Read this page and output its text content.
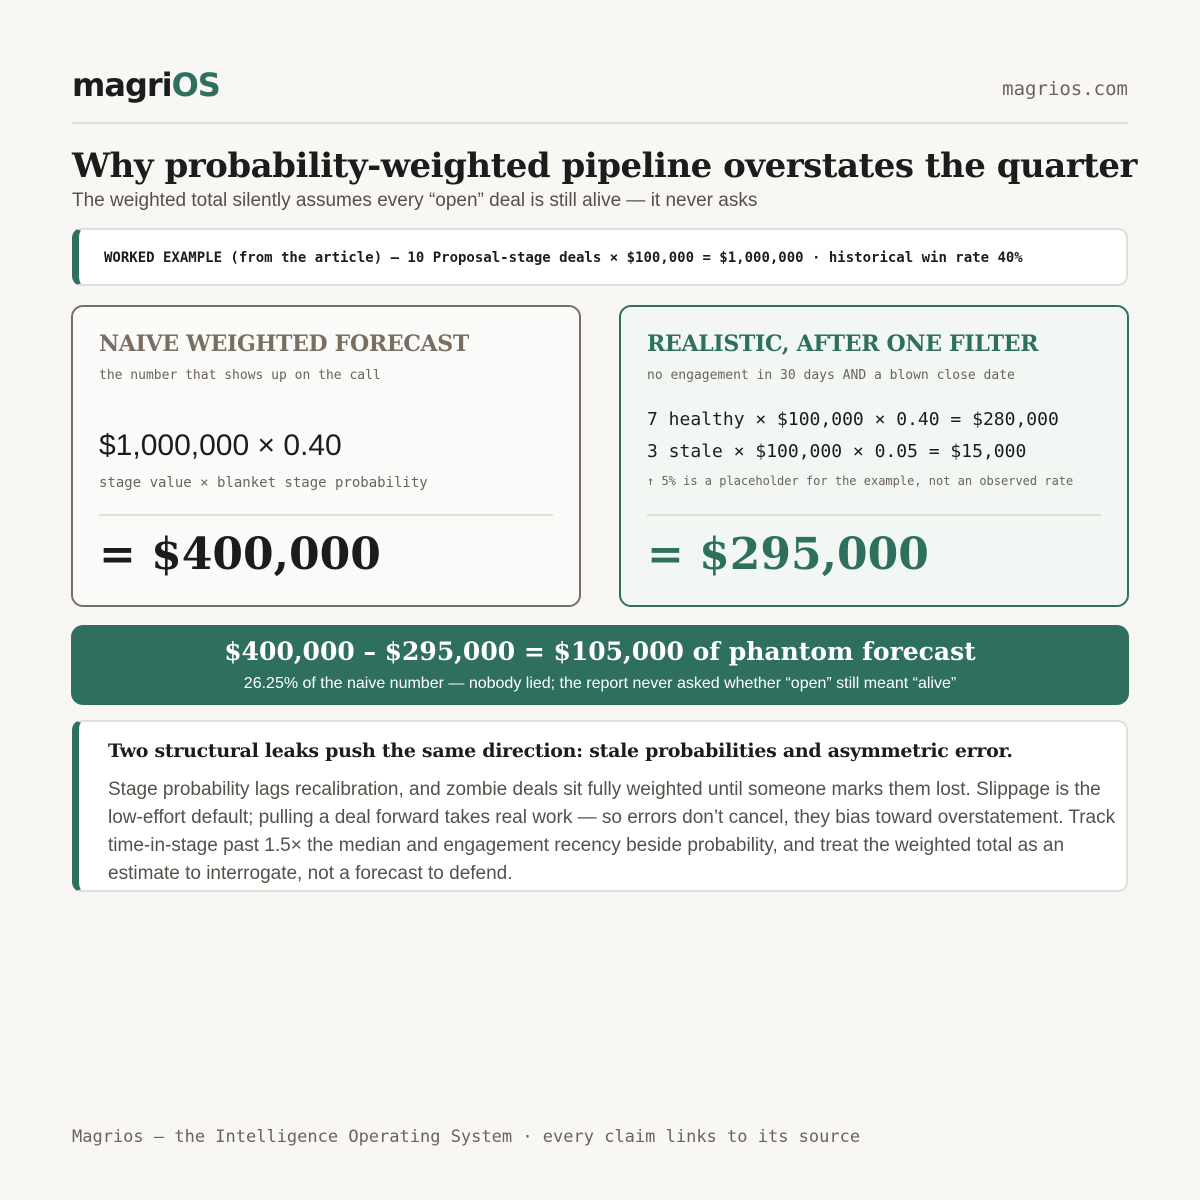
magriOS	magrios.com
Why probability-weighted pipeline overstates the quarter

The weighted total silently assumes every “open” deal is still alive — it never asks

WORKED EXAMPLE (from the article) — 10 Proposal-stage deals × $100,000 = $1,000,000 · historical win rate 40%
NAIVE WEIGHTED FORECAST
the number that shows up on the call
$1,000,000 × 0.40
stage value × blanket stage probability
= $400,000
REALISTIC, AFTER ONE FILTER
no engagement in 30 days AND a blown close date
7 healthy × $100,000 × 0.40 = $280,000
3 stale × $100,000 × 0.05 = $15,000
↑ 5% is a placeholder for the example, not an observed rate
= $295,000
$400,000 – $295,000 = $105,000 of phantom forecast
26.25% of the naive number — nobody lied; the report never asked whether “open” still meant “alive”
Two structural leaks push the same direction: stale probabilities and asymmetric error.
Stage probability lags recalibration, and zombie deals sit fully weighted until someone marks them lost. Slippage is the low-effort default; pulling a deal forward takes real work — so errors don’t cancel, they bias toward overstatement. Track time-in-stage past 1.5× the median and engagement recency beside probability, and treat the weighted total as an estimate to interrogate, not a forecast to defend.
Magrios — the Intelligence Operating System · every claim links to its source
